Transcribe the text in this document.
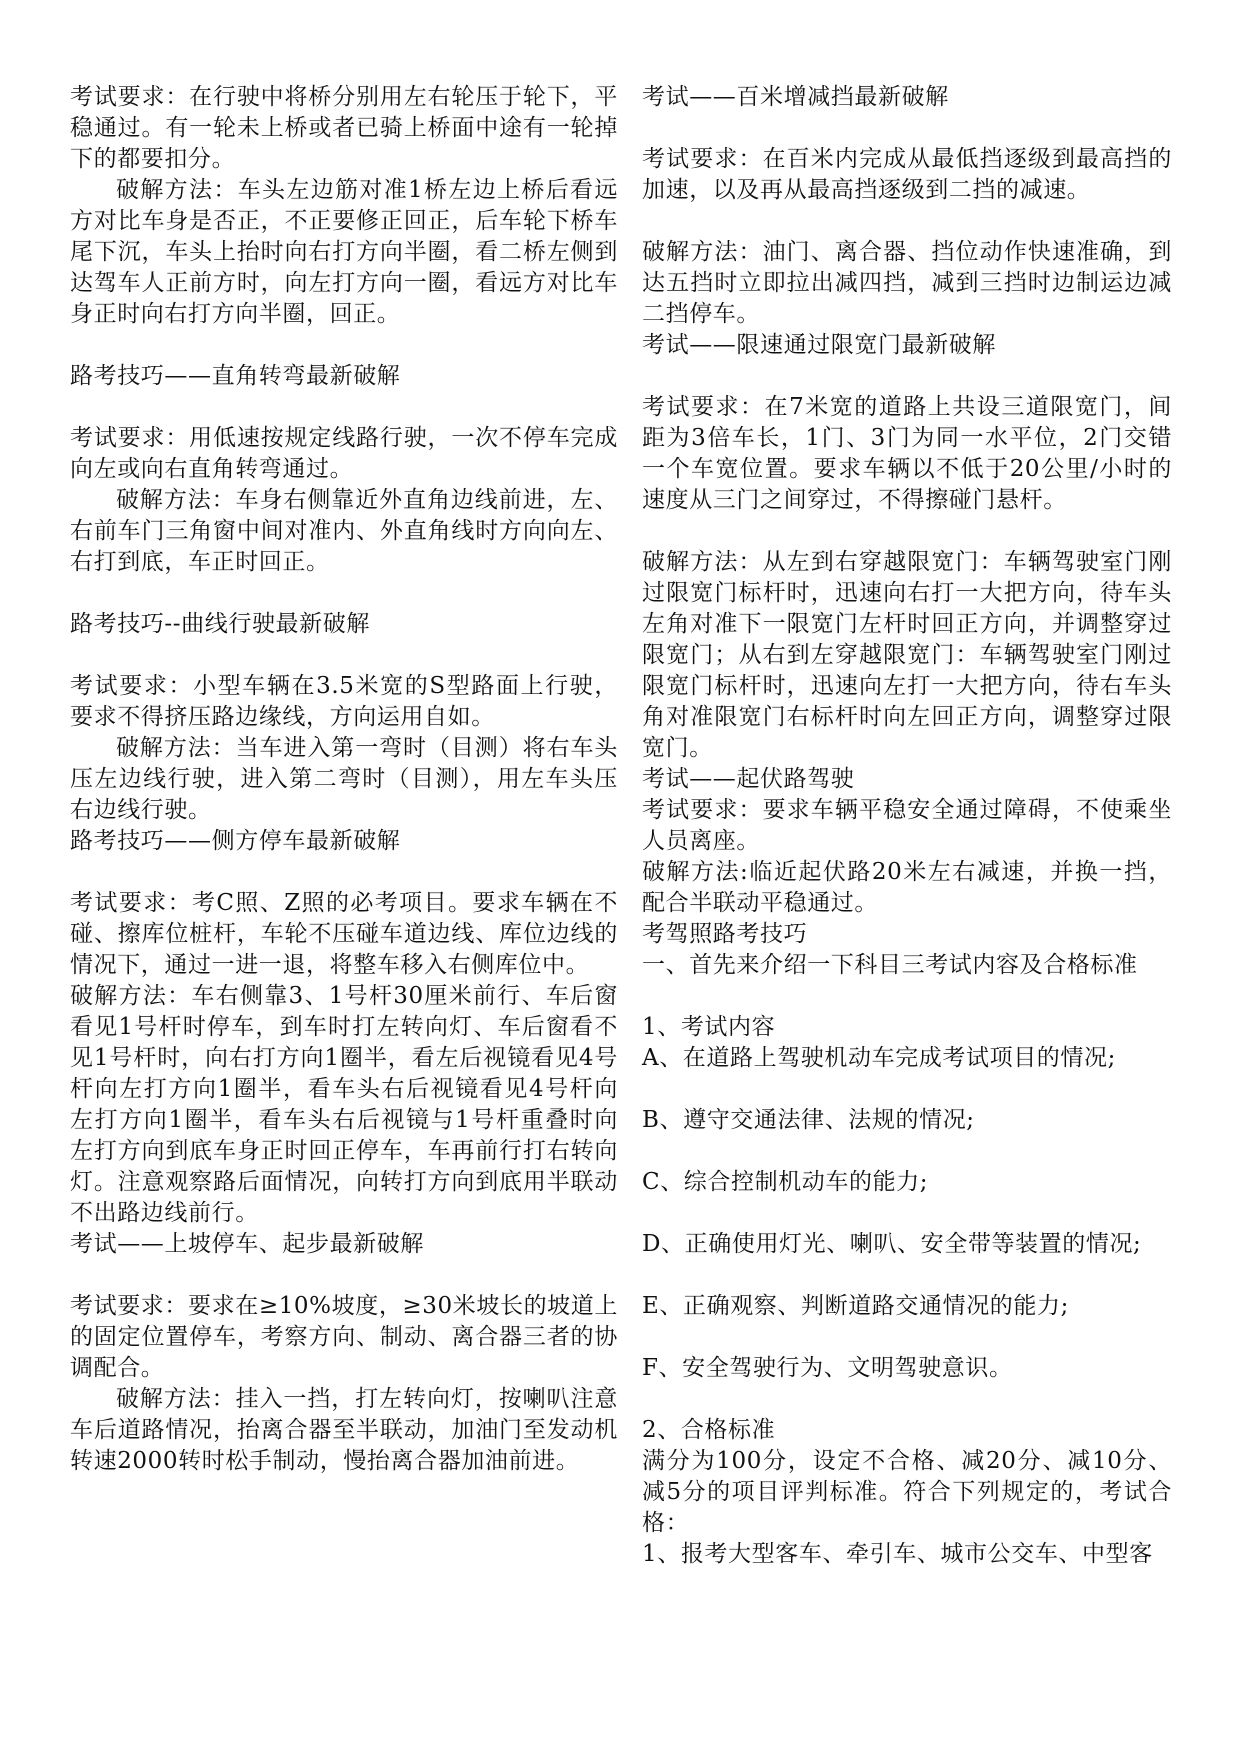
考试要求：在行驶中将桥分别用左右轮压于轮下，平稳通过。有一轮未上桥或者已骑上桥面中途有一轮掉下的都要扣分。

破解方法：车头左边筋对准1桥左边上桥后看远方对比车身是否正，不正要修正回正，后车轮下桥车尾下沉，车头上抬时向右打方向半圈，看二桥左侧到达驾车人正前方时，向左打方向一圈，看远方对比车身正时向右打方向半圈，回正。

路考技巧——直角转弯最新破解

考试要求：用低速按规定线路行驶，一次不停车完成向左或向右直角转弯通过。

破解方法：车身右侧靠近外直角边线前进，左、右前车门三角窗中间对准内、外直角线时方向向左、右打到底，车正时回正。

路考技巧--曲线行驶最新破解

考试要求：小型车辆在3.5米宽的S型路面上行驶，要求不得挤压路边缘线，方向运用自如。

破解方法：当车进入第一弯时（目测）将右车头压左边线行驶，进入第二弯时（目测），用左车头压右边线行驶。

路考技巧——侧方停车最新破解

考试要求：考C照、Z照的必考项目。要求车辆在不碰、擦库位桩杆，车轮不压碰车道边线、库位边线的情况下，通过一进一退，将整车移入右侧库位中。

破解方法：车右侧靠3、1号杆30厘米前行、车后窗看见1号杆时停车，到车时打左转向灯、车后窗看不见1号杆时，向右打方向1圈半，看左后视镜看见4号杆向左打方向1圈半，看车头右后视镜看见4号杆向左打方向1圈半，看车头右后视镜与1号杆重叠时向左打方向到底车身正时回正停车，车再前行打右转向灯。注意观察路后面情况，向转打方向到底用半联动不出路边线前行。

考试——上坡停车、起步最新破解

考试要求：要求在≥10%坡度，≥30米坡长的坡道上的固定位置停车，考察方向、制动、离合器三者的协调配合。

破解方法：挂入一挡，打左转向灯，按喇叭注意车后道路情况，抬离合器至半联动，加油门至发动机转速2000转时松手制动，慢抬离合器加油前进。

考试——百米增减挡最新破解

考试要求：在百米内完成从最低挡逐级到最高挡的加速，以及再从最高挡逐级到二挡的减速。

破解方法：油门、离合器、挡位动作快速准确，到达五挡时立即拉出减四挡，减到三挡时边制运边减二挡停车。

考试——限速通过限宽门最新破解

考试要求：在7米宽的道路上共设三道限宽门，间距为3倍车长，1门、3门为同一水平位，2门交错一个车宽位置。要求车辆以不低于20公里/小时的速度从三门之间穿过，不得擦碰门悬杆。

破解方法：从左到右穿越限宽门：车辆驾驶室门刚过限宽门标杆时，迅速向右打一大把方向，待车头左角对准下一限宽门左杆时回正方向，并调整穿过限宽门；从右到左穿越限宽门：车辆驾驶室门刚过限宽门标杆时，迅速向左打一大把方向，待右车头角对准限宽门右标杆时向左回正方向，调整穿过限宽门。

考试——起伏路驾驶

考试要求：要求车辆平稳安全通过障碍，不使乘坐人员离座。

破解方法:临近起伏路20米左右减速，并换一挡，配合半联动平稳通过。

考驾照路考技巧

一、首先来介绍一下科目三考试内容及合格标准

1、考试内容

A、在道路上驾驶机动车完成考试项目的情况;

B、遵守交通法律、法规的情况;

C、综合控制机动车的能力;

D、正确使用灯光、喇叭、安全带等装置的情况;

E、正确观察、判断道路交通情况的能力;

F、安全驾驶行为、文明驾驶意识。

2、合格标准

满分为100分，设定不合格、减20分、减10分、减5分的项目评判标准。符合下列规定的，考试合格：

1、报考大型客车、牵引车、城市公交车、中型客
